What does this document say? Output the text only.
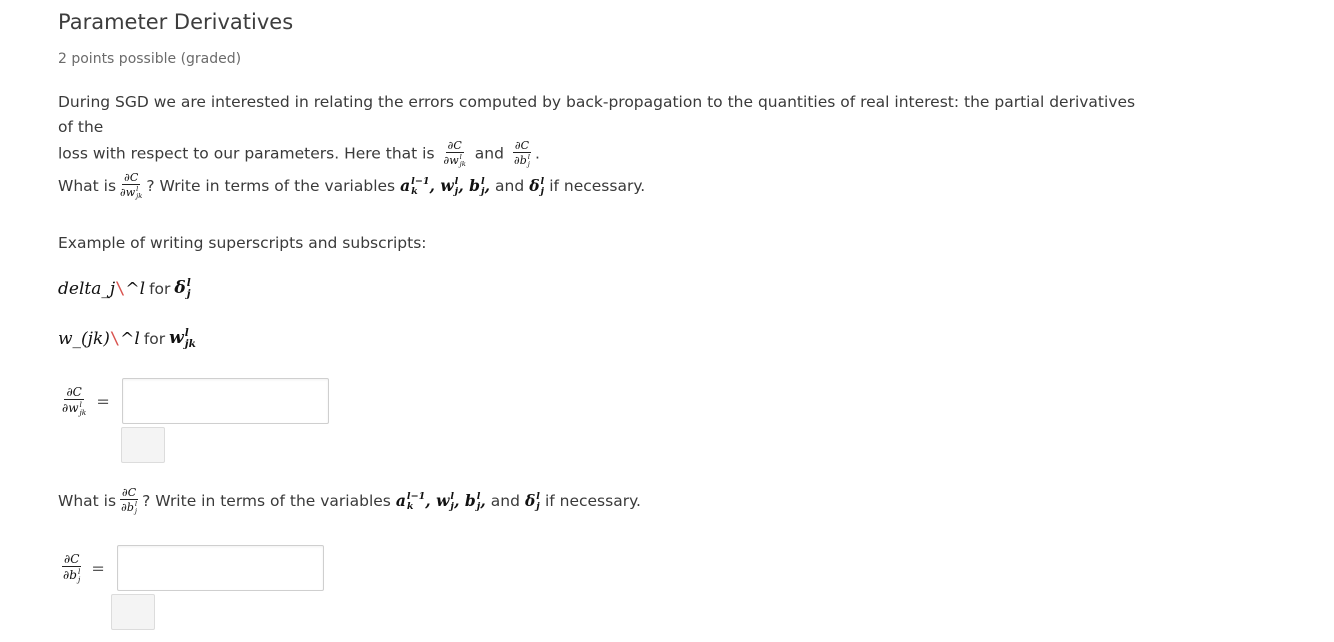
Parameter Derivatives
2 points possible (graded)
During SGD we are interested in relating the errors computed by back-propagation to the quantities of real interest: the partial derivatives of the
loss with respect to our parameters. Here that is ∂C
∂w l
jk and ∂C
∂b l
j .
What is ∂C
∂w l
jk ? Write in terms of the variables a l−1
k , w l
j , b l
j , and δ l
j if necessary.
Example of writing superscripts and subscripts:
delta_j\^l for δ l
j
w_(jk)\^l for w l
jk
∂C
∂w l
jk =
What is ∂C
∂b l
j ? Write in terms of the variables a l−1
k , w l
j , b l
j , and δ l
j if necessary.
∂C
∂b l
j =
